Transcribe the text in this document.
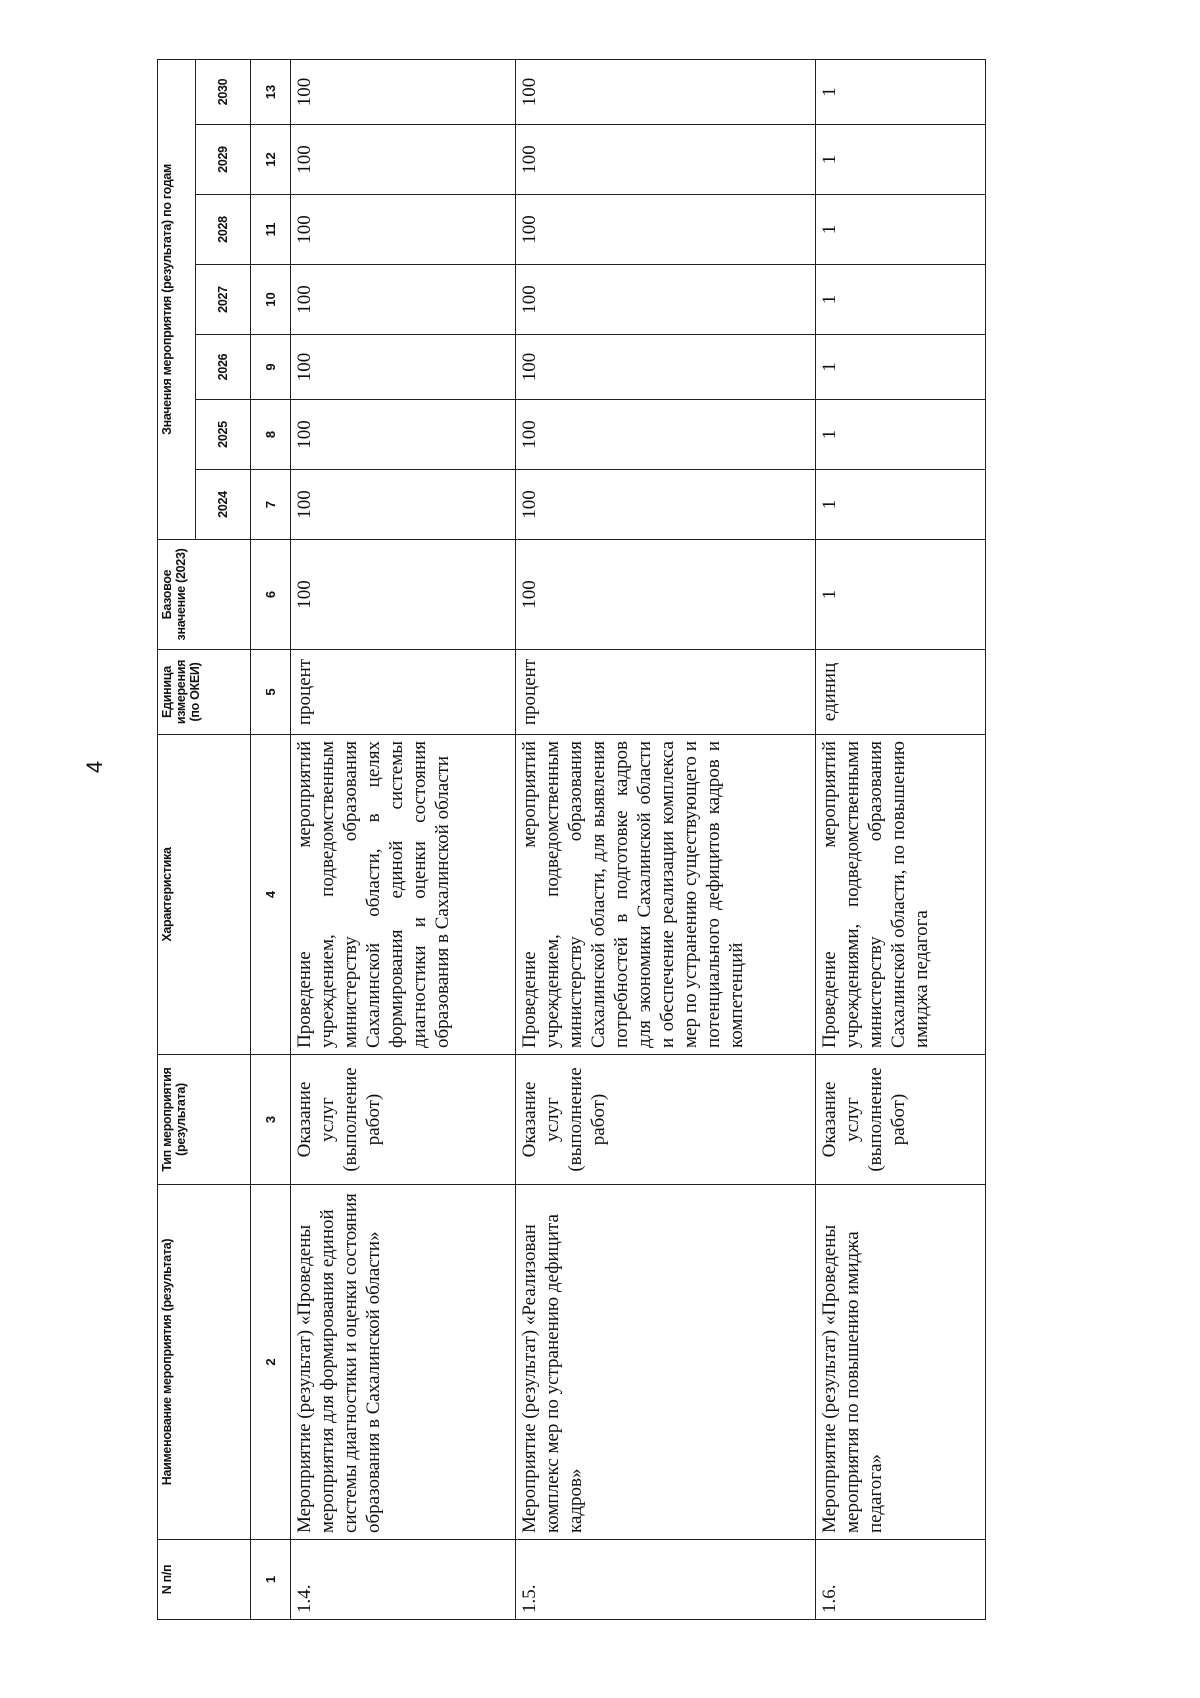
4
N п/п	Наименование мероприятия (результата)	Тип мероприятия (результата)	Характеристика	Единица измерения (по ОКЕИ)	Базовое значение (2023)	Значения мероприятия (результата) по годам						
						2024	2025	2026	2027	2028	2029	2030
1	2	3	4	5	6	7	8	9	10	11	12	13
1.4.	Мероприятие (результат) «Проведены мероприятия для формирования единой системы диагностики и оценки состояния образования в Сахалинской области»	Оказание услуг (выполнение работ)	Проведение мероприятий учреждением, подведомственным министерству образования Сахалинской области, в целях формирования единой системы диагностики и оценки состояния образования в Сахалинской области	процент	100	100	100	100	100	100	100	100
1.5.	Мероприятие (результат) «Реализован комплекс мер по устранению дефицита кадров»	Оказание услуг (выполнение работ)	Проведение мероприятий учреждением, подведомственным министерству образования Сахалинской области, для выявления потребностей в подготовке кадров для экономики Сахалинской области и обеспечение реализации комплекса мер по устранению существующего и потенциального дефицитов кадров и компетенций	процент	100	100	100	100	100	100	100	100
1.6.	Мероприятие (результат) «Проведены мероприятия по повышению имиджа педагога»	Оказание услуг (выполнение работ)	Проведение мероприятий учреждениями, подведомственными министерству образования Сахалинской области, по повышению имиджа педагога	единиц	1	1	1	1	1	1	1	1
